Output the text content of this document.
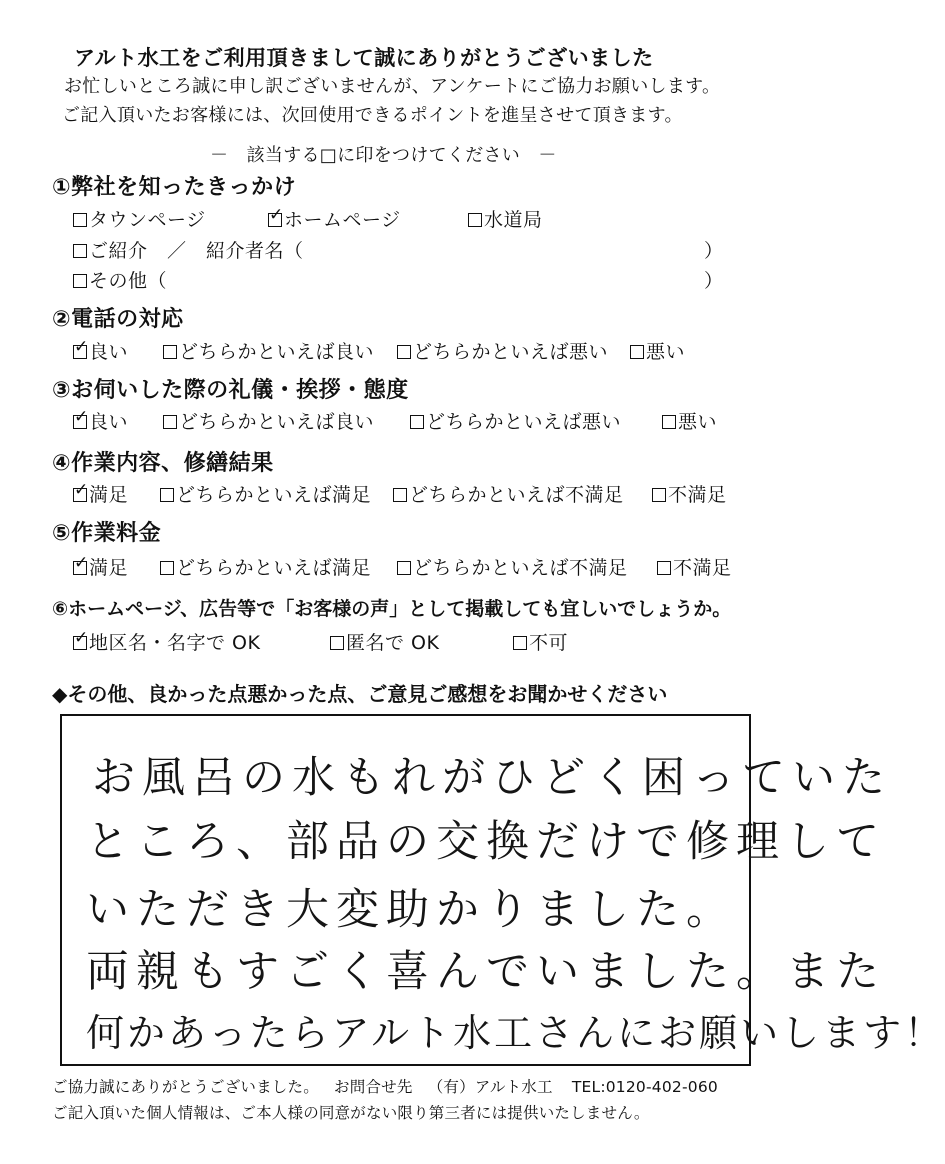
アルト水工をご利用頂きまして誠にありがとうございました
お忙しいところ誠に申し訳ございませんが、アンケートにご協力お願いします。
ご記入頂いたお客様には、次回使用できるポイントを進呈させて頂きます。
－　該当する□に印をつけてください　－
①弊社を知ったきっかけ
タウンページ
✓	ホームページ	水道局
ご紹介　／　紹介者名（	）
その他（	）
②電話の対応
✓良い	どちらかといえば良い	どちらかといえば悪い	悪い
③お伺いした際の礼儀・挨拶・態度
✓良い	どちらかといえば良い	どちらかといえば悪い	悪い
④作業内容、修繕結果
✓満足	どちらかといえば満足	どちらかといえば不満足	不満足
⑤作業料金
✓満足	どちらかといえば満足	どちらかといえば不満足	不満足
⑥ホームページ、広告等で「お客様の声」として掲載しても宜しいでしょうか。
✓地区名・名字で OK	匿名で OK	不可
◆その他、良かった点悪かった点、ご意見ご感想をお聞かせください
お風呂の水もれがひどく困っていた
ところ、部品の交換だけで修理して
いただき大変助かりました。
両親もすごく喜んでいました。また
何かあったらアルト水工さんにお願いします！
ご協力誠にありがとうございました。 お問合せ先 （有）アルト水工 TEL:0120-402-060
ご記入頂いた個人情報は、ご本人様の同意がない限り第三者には提供いたしません。
